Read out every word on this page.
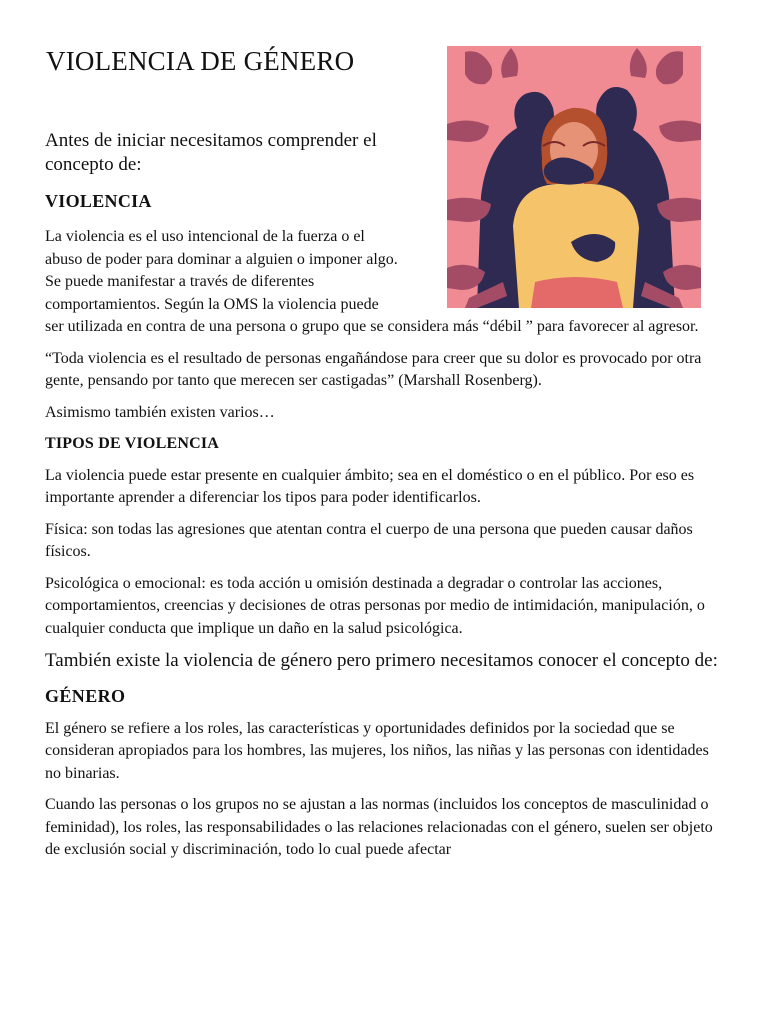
VIOLENCIA DE GÉNERO

Antes de iniciar necesitamos comprender el concepto de:

VIOLENCIA
La violencia es el uso intencional de la fuerza o el
abuso de poder para dominar a alguien o imponer algo.
Se puede manifestar a través de diferentes
comportamientos. Según la OMS la violencia puede

ser utilizada en contra de una persona o grupo que se considera más “débil ” para favorecer al agresor.

“Toda violencia es el resultado de personas engañándose para creer que su dolor es provocado por otra gente, pensando por tanto que merecen ser castigadas” (Marshall Rosenberg).

Asimismo también existen varios…

TIPOS DE VIOLENCIA

La violencia puede estar presente en cualquier ámbito; sea en el doméstico o en el público. Por eso es importante aprender a diferenciar los tipos para poder identificarlos.

Física: son todas las agresiones que atentan contra el cuerpo de una persona que pueden causar daños físicos.

Psicológica o emocional: es toda acción u omisión destinada a degradar o controlar las acciones, comportamientos, creencias y decisiones de otras personas por medio de intimidación, manipulación, o cualquier conducta que implique un daño en la salud psicológica.

También existe la violencia de género pero primero necesitamos conocer el concepto de:

GÉNERO

El género se refiere a los roles, las características y oportunidades definidos por la sociedad que se consideran apropiados para los hombres, las mujeres, los niños, las niñas y las personas con identidades no binarias.

Cuando las personas o los grupos no se ajustan a las normas (incluidos los conceptos de masculinidad o feminidad), los roles, las responsabilidades o las relaciones relacionadas con el género, suelen ser objeto de exclusión social y discriminación, todo lo cual puede afectar
